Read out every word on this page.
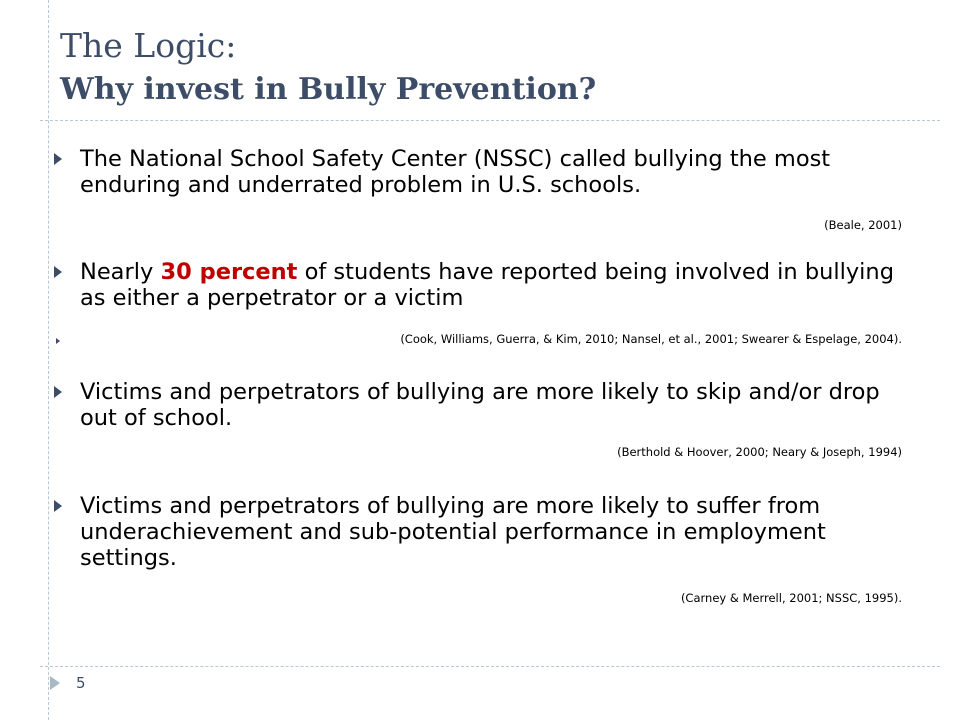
The Logic:
Why invest in Bully Prevention?
The National School Safety Center (NSSC) called bullying the most enduring and underrated problem in U.S. schools.
(Beale, 2001)
Nearly 30 percent of students have reported being involved in bullying as either a perpetrator or a victim
(Cook, Williams, Guerra, & Kim, 2010; Nansel, et al., 2001; Swearer & Espelage, 2004).
Victims and perpetrators of bullying are more likely to skip and/or drop out of school.
(Berthold & Hoover, 2000; Neary & Joseph, 1994)
Victims and perpetrators of bullying are more likely to suffer from underachievement and sub-potential performance in employment settings.
(Carney & Merrell, 2001; NSSC, 1995).
5
